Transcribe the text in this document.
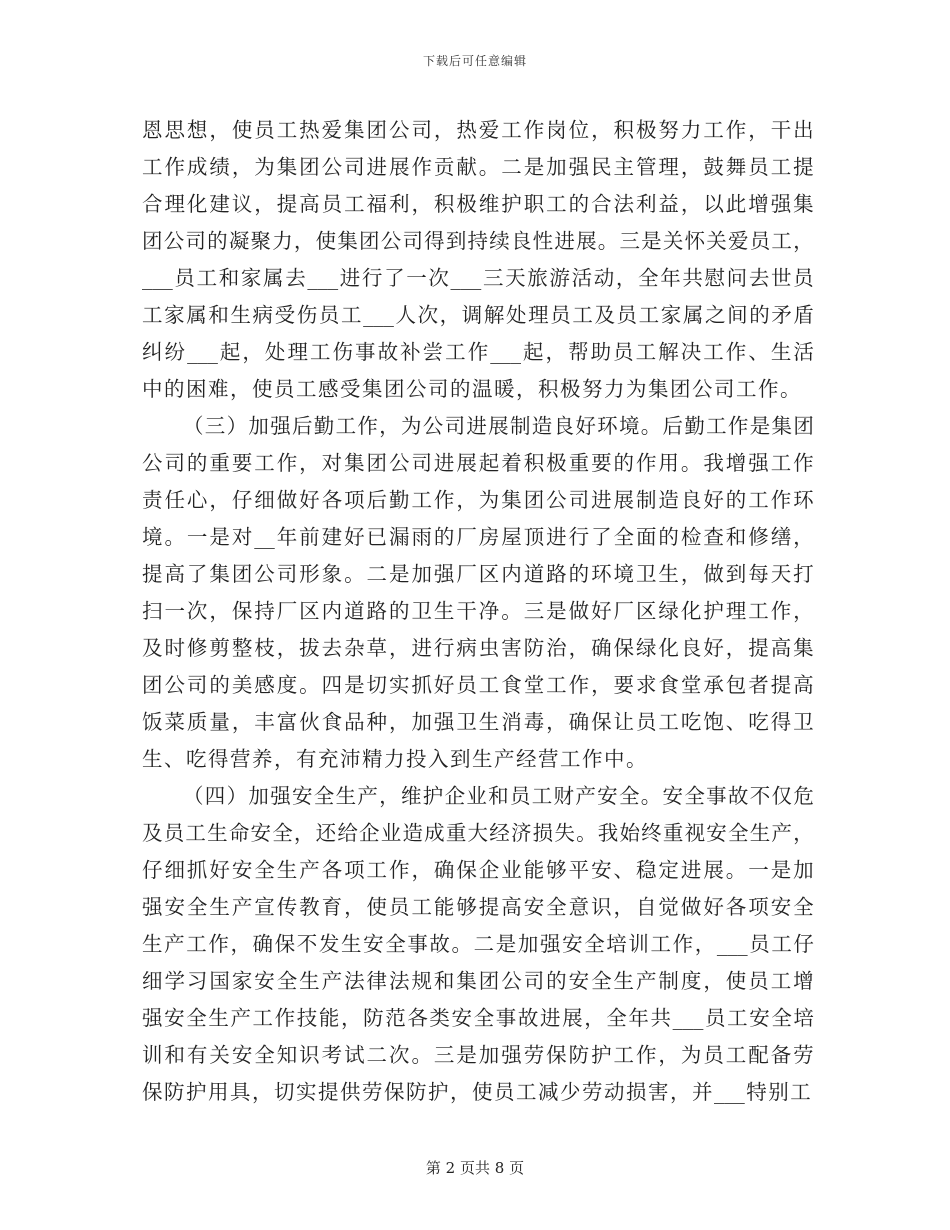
下载后可任意编辑
恩 思 想 ， 使 员 工 热 爱 集 团 公 司 ， 热 爱 工 作 岗 位 ， 积 极 努 力 工 作 ， 干 出
工 作 成 绩 ， 为 集 团 公 司 进 展 作 贡 献 。 二 是 加 强 民 主 管 理 ， 鼓 舞 员 工 提
合 理 化 建 议 ， 提 高 员 工 福 利 ， 积 极 维 护 职 工 的 合 法 利 益 ， 以 此 增 强 集
团 公 司 的 凝 聚 力 ， 使 集 团 公 司 得 到 持 续 良 性 进 展 。 三 是 关 怀 关 爱 员 工 ，
___ 员 工 和 家 属 去 ___ 进 行 了 一 次 ___ 三 天 旅 游 活 动 ， 全 年 共 慰 问 去 世 员
工 家 属 和 生 病 受 伤 员 工 ___ 人 次 ， 调 解 处 理 员 工 及 员 工 家 属 之 间 的 矛 盾
纠 纷 ___ 起 ， 处 理 工 伤 事 故 补 尝 工 作 ___ 起 ， 帮 助 员 工 解 决 工 作 、 生 活
中 的 困 难 ， 使 员 工 感 受 集 团 公 司 的 温 暖 ， 积 极 努 力 为 集 团 公 司 工 作 。
（ 三 ） 加 强 后 勤 工 作 ， 为 公 司 进 展 制 造 良 好 环 境 。 后 勤 工 作 是 集 团
公 司 的 重 要 工 作 ， 对 集 团 公 司 进 展 起 着 积 极 重 要 的 作 用 。 我 增 强 工 作
责 任 心 ， 仔 细 做 好 各 项 后 勤 工 作 ， 为 集 团 公 司 进 展 制 造 良 好 的 工 作 环
境 。 一 是 对 __ 年 前 建 好 已 漏 雨 的 厂 房 屋 顶 进 行 了 全 面 的 检 查 和 修 缮 ，
提 高 了 集 团 公 司 形 象 。 二 是 加 强 厂 区 内 道 路 的 环 境 卫 生 ， 做 到 每 天 打
扫 一 次 ， 保 持 厂 区 内 道 路 的 卫 生 干 净 。 三 是 做 好 厂 区 绿 化 护 理 工 作 ，
及 时 修 剪 整 枝 ， 拔 去 杂 草 ， 进 行 病 虫 害 防 治 ， 确 保 绿 化 良 好 ， 提 高 集
团 公 司 的 美 感 度 。 四 是 切 实 抓 好 员 工 食 堂 工 作 ， 要 求 食 堂 承 包 者 提 高
饭 菜 质 量 ， 丰 富 伙 食 品 种 ， 加 强 卫 生 消 毒 ， 确 保 让 员 工 吃 饱 、 吃 得 卫
生 、 吃 得 营 养 ， 有 充 沛 精 力 投 入 到 生 产 经 营 工 作 中 。
（ 四 ） 加 强 安 全 生 产 ， 维 护 企 业 和 员 工 财 产 安 全 。 安 全 事 故 不 仅 危
及 员 工 生 命 安 全 ， 还 给 企 业 造 成 重 大 经 济 损 失 。 我 始 终 重 视 安 全 生 产 ，
仔 细 抓 好 安 全 生 产 各 项 工 作 ， 确 保 企 业 能 够 平 安 、 稳 定 进 展 。 一 是 加
强 安 全 生 产 宣 传 教 育 ， 使 员 工 能 够 提 高 安 全 意 识 ， 自 觉 做 好 各 项 安 全
生 产 工 作 ， 确 保 不 发 生 安 全 事 故 。 二 是 加 强 安 全 培 训 工 作 ， ___ 员 工 仔
细 学 习 国 家 安 全 生 产 法 律 法 规 和 集 团 公 司 的 安 全 生 产 制 度 ， 使 员 工 增
强 安 全 生 产 工 作 技 能 ， 防 范 各 类 安 全 事 故 进 展 ， 全 年 共 ___ 员 工 安 全 培
训 和 有 关 安 全 知 识 考 试 二 次 。 三 是 加 强 劳 保 防 护 工 作 ， 为 员 工 配 备 劳
保 防 护 用 具 ， 切 实 提 供 劳 保 防 护 ， 使 员 工 减 少 劳 动 损 害 ， 并 ___ 特 别 工
第 2 页共 8 页
